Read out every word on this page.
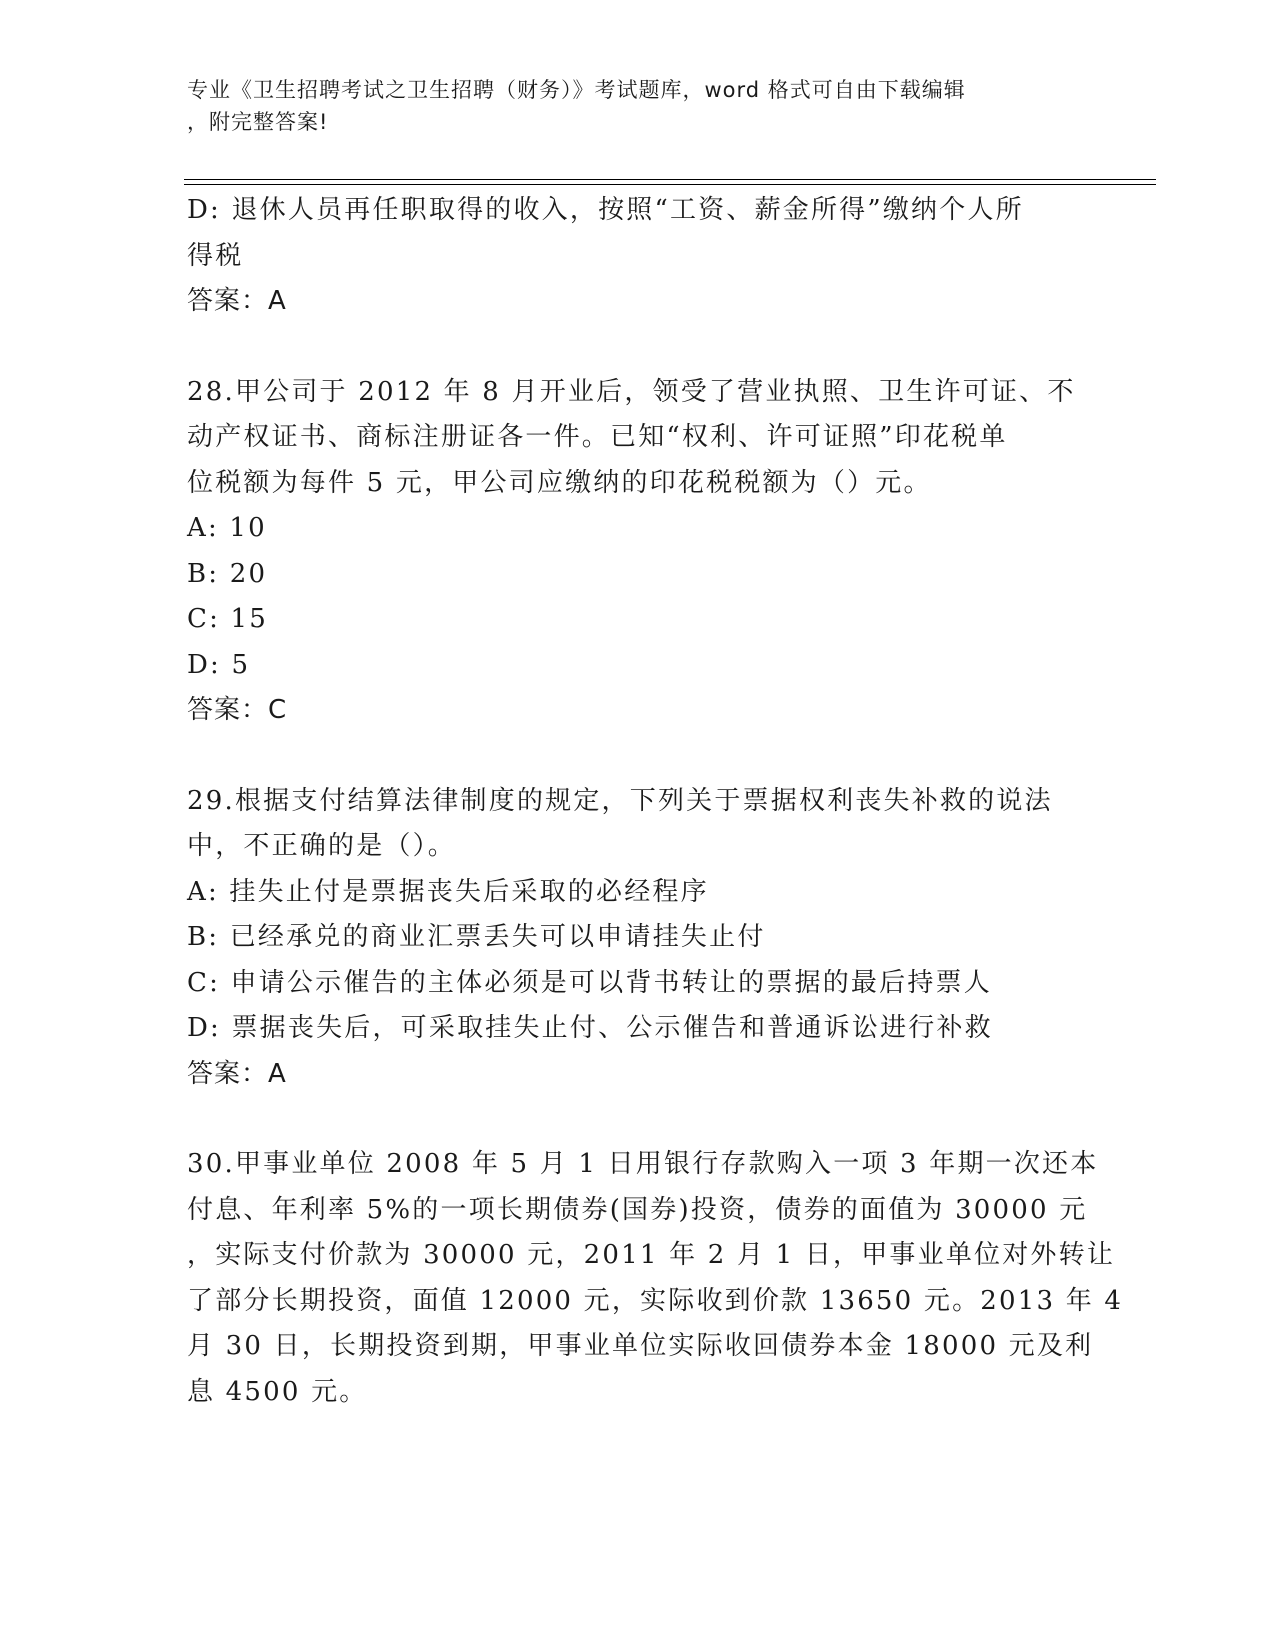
专业《卫生招聘考试之卫生招聘（财务）》考试题库，word 格式可自由下载编辑
，附完整答案!
D: 退休人员再任职取得的收入，按照“工资、薪金所得”缴纳个人所
得税
答案：A
28.甲公司于 2012 年 8 月开业后，领受了营业执照、卫生许可证、不
动产权证书、商标注册证各一件。已知“权利、许可证照”印花税单
位税额为每件 5 元，甲公司应缴纳的印花税税额为（）元。
A: 10
B: 20
C: 15
D: 5
答案：C
29.根据支付结算法律制度的规定，下列关于票据权利丧失补救的说法
中，不正确的是（）。
A: 挂失止付是票据丧失后采取的必经程序
B: 已经承兑的商业汇票丢失可以申请挂失止付
C: 申请公示催告的主体必须是可以背书转让的票据的最后持票人
D: 票据丧失后，可采取挂失止付、公示催告和普通诉讼进行补救
答案：A
30.甲事业单位 2008 年 5 月 1 日用银行存款购入一项 3 年期一次还本
付息、年利率 5%的一项长期债券(国券)投资，债券的面值为 30000 元
，实际支付价款为 30000 元，2011 年 2 月 1 日，甲事业单位对外转让
了部分长期投资，面值 12000 元，实际收到价款 13650 元。2013 年 4
月 30 日，长期投资到期，甲事业单位实际收回债券本金 18000 元及利
息 4500 元。
